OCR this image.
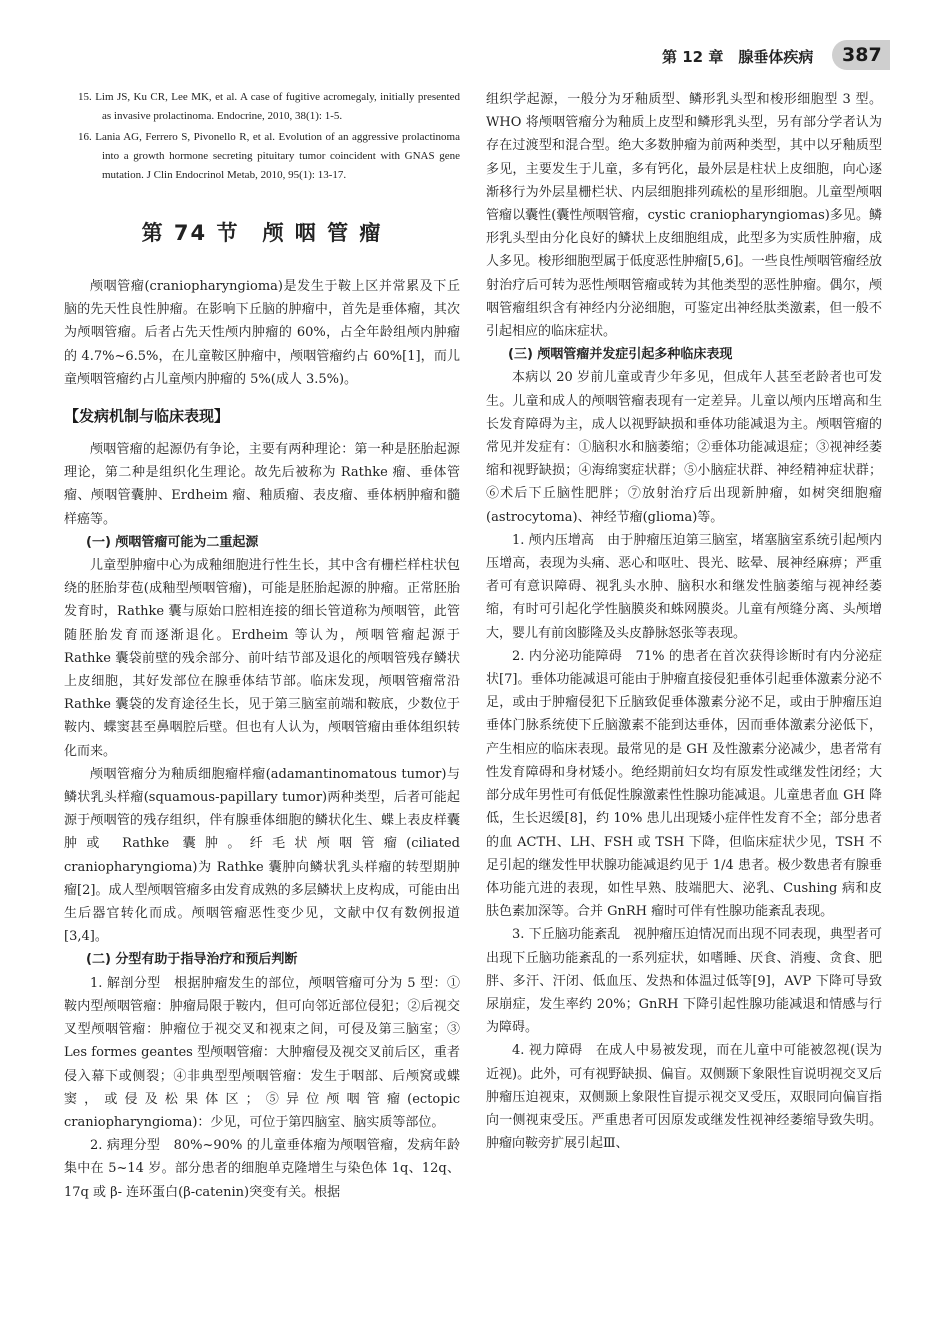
第 12 章　腺垂体疾病	387

15. Lim JS, Ku CR, Lee MK, et al. A case of fugitive acromegaly, initially presented as invasive prolactinoma. Endocrine, 2010, 38(1): 1-5.

16. Lania AG, Ferrero S, Pivonello R, et al. Evolution of an aggressive prolactinoma into a growth hormone secreting pituitary tumor coincident with GNAS gene mutation. J Clin Endocrinol Metab, 2010, 95(1): 13-17.

第 74 节　颅 咽 管 瘤

颅咽管瘤(craniopharyngioma)是发生于鞍上区并常累及下丘脑的先天性良性肿瘤。在影响下丘脑的肿瘤中，首先是垂体瘤，其次为颅咽管瘤。后者占先天性颅内肿瘤的 60%，占全年龄组颅内肿瘤的 4.7%~6.5%，在儿童鞍区肿瘤中，颅咽管瘤约占 60%[1]，而儿童颅咽管瘤约占儿童颅内肿瘤的 5%(成人 3.5%)。

【发病机制与临床表现】

颅咽管瘤的起源仍有争论，主要有两种理论：第一种是胚胎起源理论，第二种是组织化生理论。故先后被称为 Rathke 瘤、垂体管瘤、颅咽管囊肿、Erdheim 瘤、釉质瘤、表皮瘤、垂体柄肿瘤和髓样癌等。

(一) 颅咽管瘤可能为二重起源

儿童型肿瘤中心为成釉细胞进行性生长，其中含有栅栏样柱状包绕的胚胎芽苞(成釉型颅咽管瘤)，可能是胚胎起源的肿瘤。正常胚胎发育时，Rathke 囊与原始口腔相连接的细长管道称为颅咽管，此管随胚胎发育而逐渐退化。Erdheim 等认为，颅咽管瘤起源于 Rathke 囊袋前壁的残余部分、前叶结节部及退化的颅咽管残存鳞状上皮细胞，其好发部位在腺垂体结节部。临床发现，颅咽管瘤常沿 Rathke 囊袋的发育途径生长，见于第三脑室前端和鞍底，少数位于鞍内、蝶窦甚至鼻咽腔后壁。但也有人认为，颅咽管瘤由垂体组织转化而来。

颅咽管瘤分为釉质细胞瘤样瘤(adamantinomatous tumor)与鳞状乳头样瘤(squamous-papillary tumor)两种类型，后者可能起源于颅咽管的残存组织，伴有腺垂体细胞的鳞状化生、蝶上表皮样囊肿或 Rathke 囊肿。纤毛状颅咽管瘤(ciliated craniopharyngioma)为 Rathke 囊肿向鳞状乳头样瘤的转型期肿瘤[2]。成人型颅咽管瘤多由发育成熟的多层鳞状上皮构成，可能由出生后器官转化而成。颅咽管瘤恶性变少见，文献中仅有数例报道[3,4]。

(二) 分型有助于指导治疗和预后判断

1. 解剖分型　根据肿瘤发生的部位，颅咽管瘤可分为 5 型：①鞍内型颅咽管瘤：肿瘤局限于鞍内，但可向邻近部位侵犯；②后视交叉型颅咽管瘤：肿瘤位于视交叉和视束之间，可侵及第三脑室；③ Les formes geantes 型颅咽管瘤：大肿瘤侵及视交叉前后区，重者侵入幕下或侧裂；④非典型型颅咽管瘤：发生于咽部、后颅窝或蝶窦，或侵及松果体区；⑤异位颅咽管瘤(ectopic craniopharyngioma)：少见，可位于第四脑室、脑实质等部位。

2. 病理分型　80%~90% 的儿童垂体瘤为颅咽管瘤，发病年龄集中在 5~14 岁。部分患者的细胞单克隆增生与染色体 1q、12q、17q 或 β- 连环蛋白(β-catenin)突变有关。根据

组织学起源，一般分为牙釉质型、鳞形乳头型和梭形细胞型 3 型。WHO 将颅咽管瘤分为釉质上皮型和鳞形乳头型，另有部分学者认为存在过渡型和混合型。绝大多数肿瘤为前两种类型，其中以牙釉质型多见，主要发生于儿童，多有钙化，最外层是柱状上皮细胞，向心逐渐移行为外层星栅栏状、内层细胞排列疏松的星形细胞。儿童型颅咽管瘤以囊性(囊性颅咽管瘤，cystic craniopharyngiomas)多见。鳞形乳头型由分化良好的鳞状上皮细胞组成，此型多为实质性肿瘤，成人多见。梭形细胞型属于低度恶性肿瘤[5,6]。一些良性颅咽管瘤经放射治疗后可转为恶性颅咽管瘤或转为其他类型的恶性肿瘤。偶尔，颅咽管瘤组织含有神经内分泌细胞，可鉴定出神经肽类激素，但一般不引起相应的临床症状。

(三) 颅咽管瘤并发症引起多种临床表现

本病以 20 岁前儿童或青少年多见，但成年人甚至老龄者也可发生。儿童和成人的颅咽管瘤表现有一定差异。儿童以颅内压增高和生长发育障碍为主，成人以视野缺损和垂体功能减退为主。颅咽管瘤的常见并发症有：①脑积水和脑萎缩；②垂体功能减退症；③视神经萎缩和视野缺损；④海绵窦症状群；⑤小脑症状群、神经精神症状群；⑥术后下丘脑性肥胖；⑦放射治疗后出现新肿瘤，如树突细胞瘤(astrocytoma)、神经节瘤(glioma)等。

1. 颅内压增高　由于肿瘤压迫第三脑室，堵塞脑室系统引起颅内压增高，表现为头痛、恶心和呕吐、畏光、眩晕、展神经麻痹；严重者可有意识障碍、视乳头水肿、脑积水和继发性脑萎缩与视神经萎缩，有时可引起化学性脑膜炎和蛛网膜炎。儿童有颅缝分离、头颅增大，婴儿有前囟膨隆及头皮静脉怒张等表现。

2. 内分泌功能障碍　71% 的患者在首次获得诊断时有内分泌症状[7]。垂体功能减退可能由于肿瘤直接侵犯垂体引起垂体激素分泌不足，或由于肿瘤侵犯下丘脑致促垂体激素分泌不足，或由于肿瘤压迫垂体门脉系统使下丘脑激素不能到达垂体，因而垂体激素分泌低下，产生相应的临床表现。最常见的是 GH 及性激素分泌减少，患者常有性发育障碍和身材矮小。绝经期前妇女均有原发性或继发性闭经；大部分成年男性可有低促性腺激素性性腺功能减退。儿童患者血 GH 降低，生长迟缓[8]，约 10% 患儿出现矮小症伴性发育不全；部分患者的血 ACTH、LH、FSH 或 TSH 下降，但临床症状少见，TSH 不足引起的继发性甲状腺功能减退约见于 1/4 患者。极少数患者有腺垂体功能亢进的表现，如性早熟、肢端肥大、泌乳、Cushing 病和皮肤色素加深等。合并 GnRH 瘤时可伴有性腺功能紊乱表现。

3. 下丘脑功能紊乱　视肿瘤压迫情况而出现不同表现，典型者可出现下丘脑功能紊乱的一系列症状，如嗜睡、厌食、消瘦、贪食、肥胖、多汗、汗闭、低血压、发热和体温过低等[9]，AVP 下降可导致尿崩症，发生率约 20%；GnRH 下降引起性腺功能减退和情感与行为障碍。

4. 视力障碍　在成人中易被发现，而在儿童中可能被忽视(误为近视)。此外，可有视野缺损、偏盲。双侧颞下象限性盲说明视交叉后肿瘤压迫视束，双侧颞上象限性盲提示视交叉受压，双眼同向偏盲指向一侧视束受压。严重患者可因原发或继发性视神经萎缩导致失明。肿瘤向鞍旁扩展引起Ⅲ、
